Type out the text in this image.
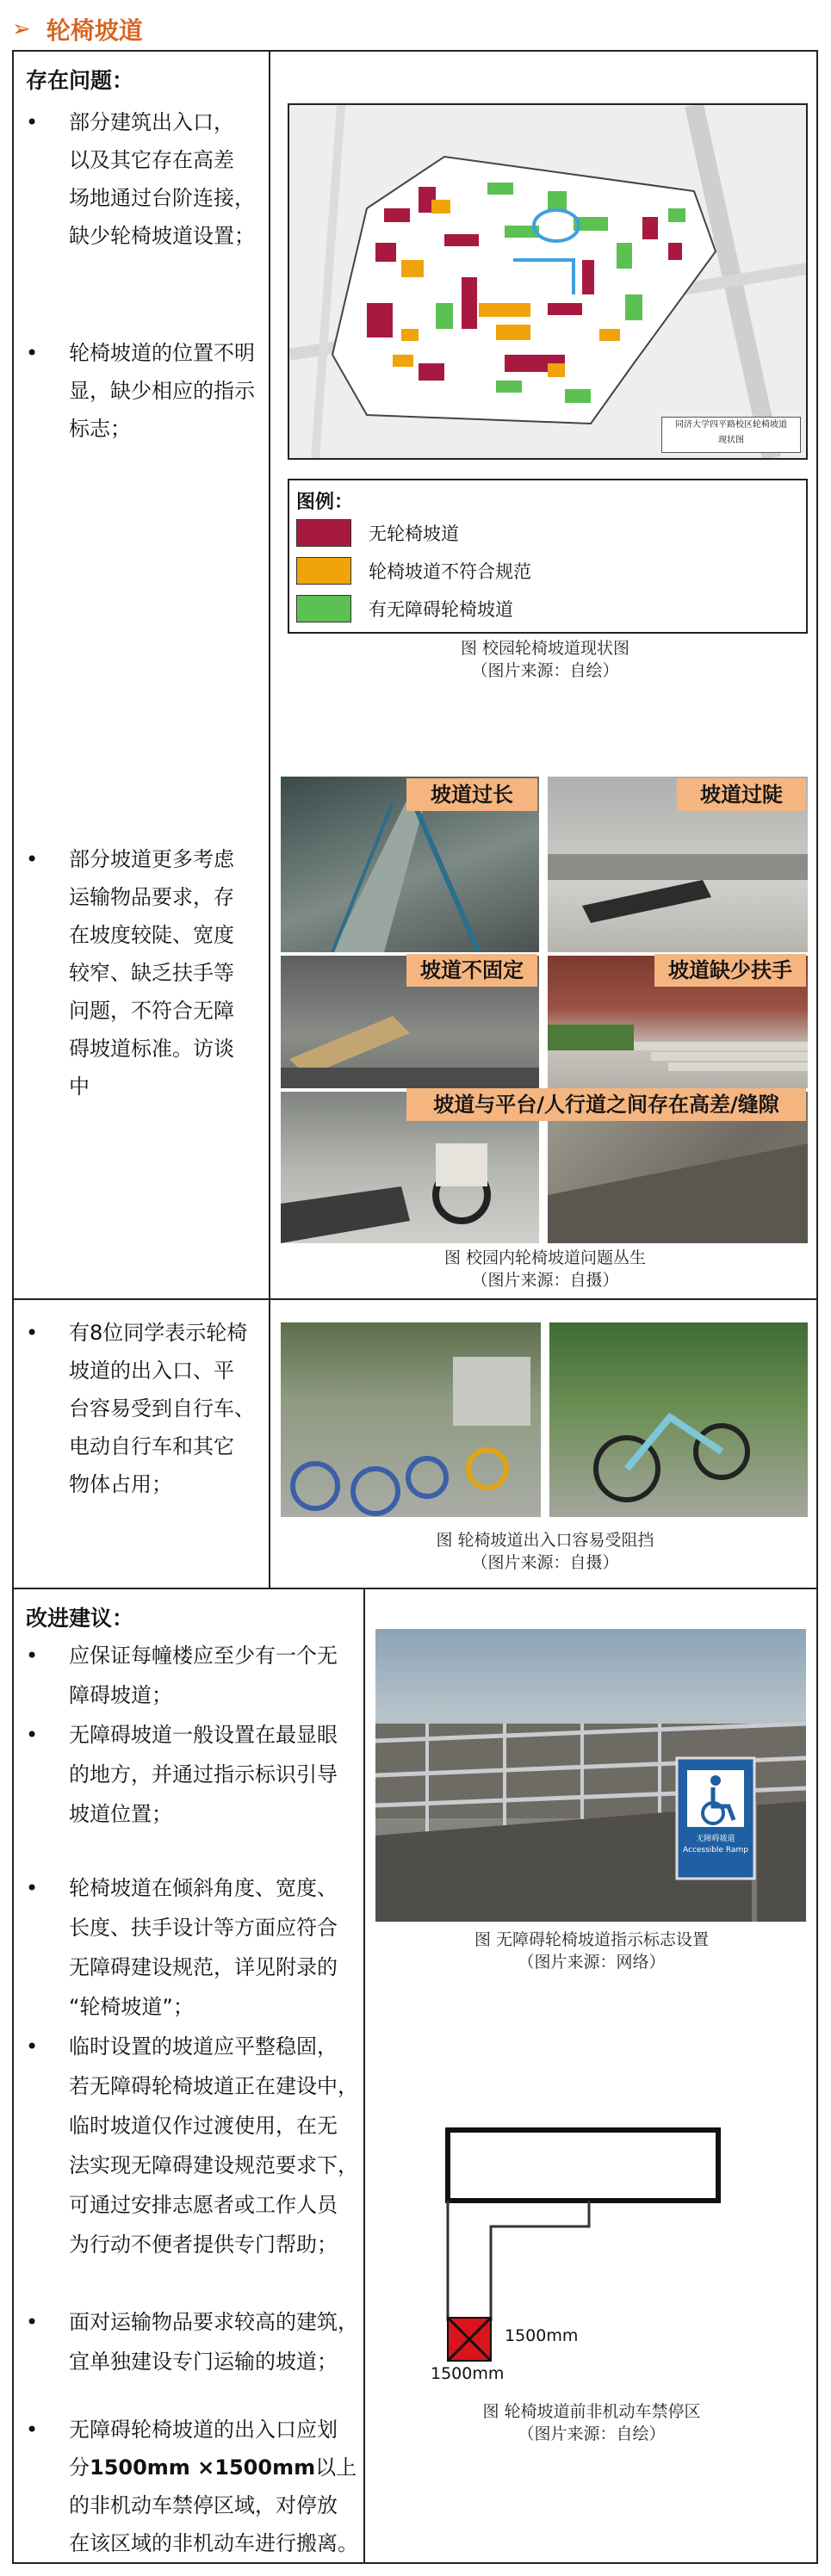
➢ 轮椅坡道
存在问题：
•	部分建筑出入口，
以及其它存在高差
场地通过台阶连接，
缺少轮椅坡道设置；
•	轮椅坡道的位置不明
显，缺少相应的指示
标志；
•	部分坡道更多考虑
运输物品要求，存
在坡度较陡、宽度
较窄、缺乏扶手等
问题，不符合无障
碍坡道标准。访谈
中
•	有8位同学表示轮椅
坡道的出入口、平
台容易受到自行车、
电动自行车和其它
物体占用；
同济大学四平路校区轮椅坡道
现状图
图例：
无轮椅坡道
轮椅坡道不符合规范
有无障碍轮椅坡道
图 校园轮椅坡道现状图
（图片来源：自绘）
坡道过长	坡道过陡
坡道不固定	坡道缺少扶手
坡道与平台/人行道之间存在高差/缝隙
图 校园内轮椅坡道问题丛生
（图片来源：自摄）
图 轮椅坡道出入口容易受阻挡
（图片来源：自摄）
改进建议：
•	应保证每幢楼应至少有一个无
障碍坡道；
•	无障碍坡道一般设置在最显眼
的地方，并通过指示标识引导
坡道位置；
•	轮椅坡道在倾斜角度、宽度、
长度、扶手设计等方面应符合
无障碍建设规范，详见附录的
“轮椅坡道”；
•	临时设置的坡道应平整稳固，
若无障碍轮椅坡道正在建设中，
临时坡道仅作过渡使用，在无
法实现无障碍建设规范要求下，
可通过安排志愿者或工作人员
为行动不便者提供专门帮助；
•	面对运输物品要求较高的建筑，
宜单独建设专门运输的坡道；
•	无障碍轮椅坡道的出入口应划
分1500mm ×1500mm以上
的非机动车禁停区域，对停放
在该区域的非机动车进行搬离。
无障碍坡道
Accessible Ramp
图 无障碍轮椅坡道指示标志设置
（图片来源：网络）
1500mm
1500mm
图 轮椅坡道前非机动车禁停区
（图片来源：自绘）
